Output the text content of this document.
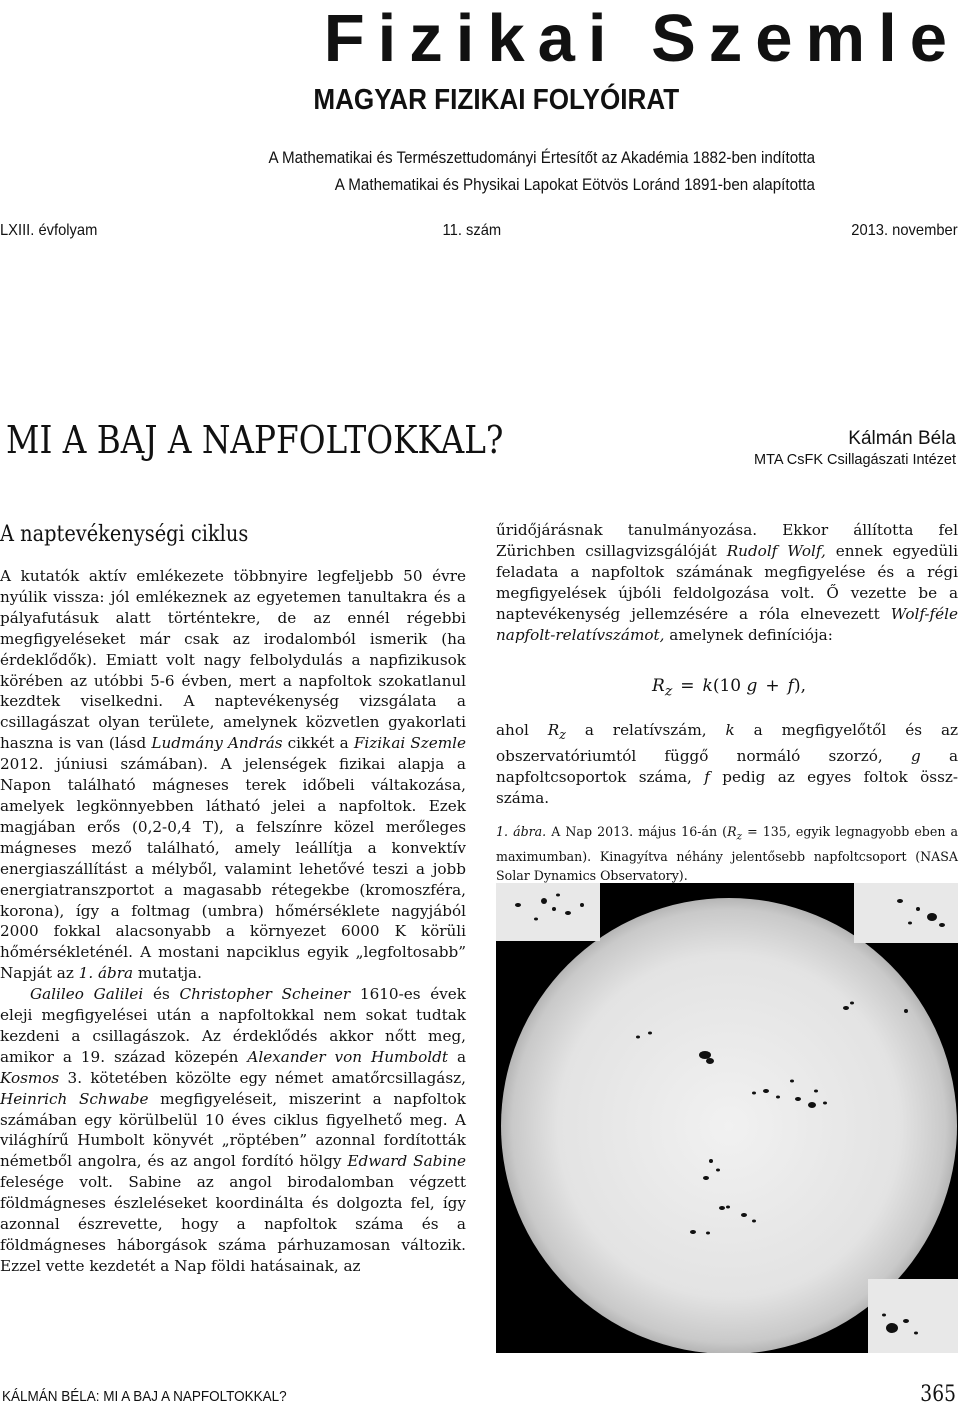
Fizikai Szemle
MAGYAR FIZIKAI FOLYÓIRAT
A Mathematikai és Természettudományi Értesítőt az Akadémia 1882-ben indította
A Mathematikai és Physikai Lapokat Eötvös Loránd 1891-ben alapította
LXIII. évfolyam	11. szám	2013. november
MI A BAJ A NAPFOLTOKKAL?	Kálmán Béla
MTA CsFK Csillagászati Intézet
A naptevékenységi ciklus

A kutatók aktív emlékezete többnyire legfeljebb 50 évre nyúlik vissza: jól emlékeznek az egyetemen tanultakra és a pályafutásuk alatt történtekre, de az ennél régebbi megfigyeléseket már csak az irodalomból ismerik (ha érdeklődők). Emiatt volt nagy felbolydulás a napfizikusok körében az utóbbi 5-6 évben, mert a napfoltok szokatlanul kezdtek viselkedni. A naptevékenység vizsgálata a csillagászat olyan területe, amelynek közvetlen gyakorlati haszna is van (lásd Ludmány András cikkét a Fizikai Szemle 2012. júniusi számában). A jelenségek fizikai alapja a Napon található mágneses terek időbeli váltakozása, amelyek legkönnyebben látható jelei a napfoltok. Ezek magjában erős (0,2-0,4 T), a felszínre közel merőleges mágneses mező található, amely leállítja a konvektív energiaszállítást a mélyből, valamint lehetővé teszi a jobb energiatranszportot a magasabb rétegekbe (kromoszféra, korona), így a foltmag (umbra) hőmérséklete nagyjából 2000 fokkal alacsonyabb a környezet 6000 K körüli hőmérsékleténél. A mostani napciklus egyik „legfoltosabb” Napját az 1. ábra mutatja.

Galileo Galilei és Christopher Scheiner 1610-es évek eleji megfigyelései után a napfoltokkal nem sokat tudtak kezdeni a csillagászok. Az érdeklődés akkor nőtt meg, amikor a 19. század közepén Alexander von Humboldt a Kosmos 3. kötetében közölte egy német amatőrcsillagász, Heinrich Schwabe megfigyeléseit, miszerint a napfoltok számában egy körülbelül 10 éves ciklus figyelhető meg. A világhírű Humbolt könyvét „röptében” azonnal fordították németből angolra, és az angol fordító hölgy Edward Sabine felesége volt. Sabine az angol birodalomban végzett földmágneses észleléseket koordinálta és dolgozta fel, így azonnal észrevette, hogy a napfoltok száma és a földmágneses háborgások száma párhuzamosan változik. Ezzel vette kezdetét a Nap földi hatásainak, az

űridőjárásnak tanulmányozása. Ekkor állította fel Zürichben csillagvizsgálóját Rudolf Wolf, ennek egyedüli feladata a napfoltok számának megfigyelése és a régi megfigyelések újbóli feldolgozása volt. Ő vezette be a naptevékenység jellemzésére a róla elnevezett Wolf-féle napfolt-relatívszámot, amelynek definíciója:

$R_z = k(10$ g + f),

ahol $R_z$ a relatívszám, k a megfigyelőtől és az obszervatóriumtól függő normáló szorzó, g a napfoltcsoportok száma, f pedig az egyes foltok össz-száma.

1. ábra. A Nap 2013. május 16-án ($R_z = 135$, egyik legnagyobb eben a maximumban). Kinagyítva néhány jelentősebb napfoltcsoport (NASA Solar Dynamics Observatory).
KÁLMÁN BÉLA: MI A BAJ A NAPFOLTOKKAL?	365
